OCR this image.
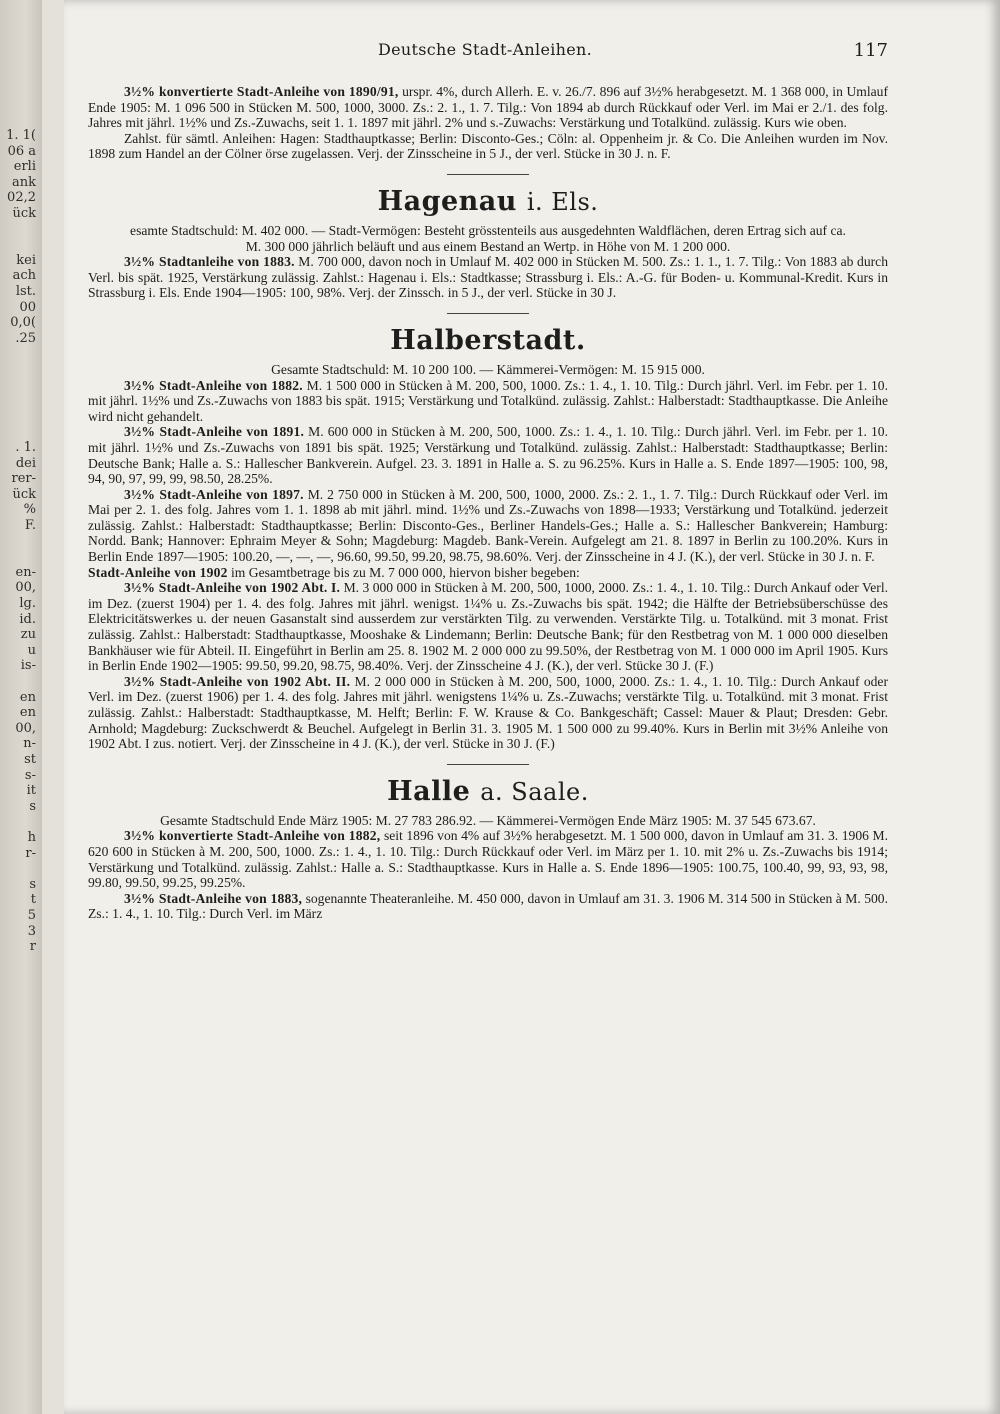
1. 1(
06 a
erli
ank
02,2
ück
kei
ach
lst.
00
0,0(
.25
. 1.
dei
rer-
ück
%
F.
en-
00,
lg.
id.
zu
u
is-
en
en
00,
n-
st
s-
it
s
h
r-
s
t
5
3
r
Deutsche Stadt-Anleihen.	117

3½% konvertierte Stadt-Anleihe von 1890/91, urspr. 4%, durch Allerh. E. v. 26./7. 896 auf 3½% herabgesetzt. M. 1 368 000, in Umlauf Ende 1905: M. 1 096 500 in Stücken M. 500, 1000, 3000. Zs.: 2. 1., 1. 7. Tilg.: Von 1894 ab durch Rückkauf oder Verl. im Mai er 2./1. des folg. Jahres mit jährl. 1½% und Zs.-Zuwachs, seit 1. 1. 1897 mit jährl. 2% und s.-Zuwachs: Verstärkung und Totalkünd. zulässig. Kurs wie oben.

Zahlst. für sämtl. Anleihen: Hagen: Stadthauptkasse; Berlin: Disconto-Ges.; Cöln: al. Oppenheim jr. & Co. Die Anleihen wurden im Nov. 1898 zum Handel an der Cölner örse zugelassen. Verj. der Zinsscheine in 5 J., der verl. Stücke in 30 J. n. F.

Hagenau i. Els.

esamte Stadtschuld: M. 402 000. — Stadt-Vermögen: Besteht grösstenteils aus ausgedehnten Waldflächen, deren Ertrag sich auf ca. M. 300 000 jährlich beläuft und aus einem Bestand an Wertp. in Höhe von M. 1 200 000.

3½% Stadtanleihe von 1883. M. 700 000, davon noch in Umlauf M. 402 000 in Stücken M. 500. Zs.: 1. 1., 1. 7. Tilg.: Von 1883 ab durch Verl. bis spät. 1925, Verstärkung zulässig. Zahlst.: Hagenau i. Els.: Stadtkasse; Strassburg i. Els.: A.-G. für Boden- u. Kommunal-Kredit. Kurs in Strassburg i. Els. Ende 1904—1905: 100, 98%. Verj. der Zinssch. in 5 J., der verl. Stücke in 30 J.

Halberstadt.

Gesamte Stadtschuld: M. 10 200 100. — Kämmerei-Vermögen: M. 15 915 000.

3½% Stadt-Anleihe von 1882. M. 1 500 000 in Stücken à M. 200, 500, 1000. Zs.: 1. 4., 1. 10. Tilg.: Durch jährl. Verl. im Febr. per 1. 10. mit jährl. 1½% und Zs.-Zuwachs von 1883 bis spät. 1915; Verstärkung und Totalkünd. zulässig. Zahlst.: Halberstadt: Stadthauptkasse. Die Anleihe wird nicht gehandelt.

3½% Stadt-Anleihe von 1891. M. 600 000 in Stücken à M. 200, 500, 1000. Zs.: 1. 4., 1. 10. Tilg.: Durch jährl. Verl. im Febr. per 1. 10. mit jährl. 1½% und Zs.-Zuwachs von 1891 bis spät. 1925; Verstärkung und Totalkünd. zulässig. Zahlst.: Halberstadt: Stadthauptkasse; Berlin: Deutsche Bank; Halle a. S.: Hallescher Bankverein. Aufgel. 23. 3. 1891 in Halle a. S. zu 96.25%. Kurs in Halle a. S. Ende 1897—1905: 100, 98, 94, 90, 97, 99, 99, 98.50, 28.25%.

3½% Stadt-Anleihe von 1897. M. 2 750 000 in Stücken à M. 200, 500, 1000, 2000. Zs.: 2. 1., 1. 7. Tilg.: Durch Rückkauf oder Verl. im Mai per 2. 1. des folg. Jahres vom 1. 1. 1898 ab mit jährl. mind. 1½% und Zs.-Zuwachs von 1898—1933; Verstärkung und Totalkünd. jederzeit zulässig. Zahlst.: Halberstadt: Stadthauptkasse; Berlin: Disconto-Ges., Berliner Handels-Ges.; Halle a. S.: Hallescher Bankverein; Hamburg: Nordd. Bank; Hannover: Ephraim Meyer & Sohn; Magdeburg: Magdeb. Bank-Verein. Aufgelegt am 21. 8. 1897 in Berlin zu 100.20%. Kurs in Berlin Ende 1897—1905: 100.20, —, —, —, 96.60, 99.50, 99.20, 98.75, 98.60%. Verj. der Zinsscheine in 4 J. (K.), der verl. Stücke in 30 J. n. F.

Stadt-Anleihe von 1902 im Gesamtbetrage bis zu M. 7 000 000, hiervon bisher begeben:

3½% Stadt-Anleihe von 1902 Abt. I. M. 3 000 000 in Stücken à M. 200, 500, 1000, 2000. Zs.: 1. 4., 1. 10. Tilg.: Durch Ankauf oder Verl. im Dez. (zuerst 1904) per 1. 4. des folg. Jahres mit jährl. wenigst. 1¼% u. Zs.-Zuwachs bis spät. 1942; die Hälfte der Betriebsüberschüsse des Elektricitätswerkes u. der neuen Gasanstalt sind ausserdem zur verstärkten Tilg. zu verwenden. Verstärkte Tilg. u. Totalkünd. mit 3 monat. Frist zulässig. Zahlst.: Halberstadt: Stadthauptkasse, Mooshake & Lindemann; Berlin: Deutsche Bank; für den Restbetrag von M. 1 000 000 dieselben Bankhäuser wie für Abteil. II. Eingeführt in Berlin am 25. 8. 1902 M. 2 000 000 zu 99.50%, der Restbetrag von M. 1 000 000 im April 1905. Kurs in Berlin Ende 1902—1905: 99.50, 99.20, 98.75, 98.40%. Verj. der Zinsscheine 4 J. (K.), der verl. Stücke 30 J. (F.)

3½% Stadt-Anleihe von 1902 Abt. II. M. 2 000 000 in Stücken à M. 200, 500, 1000, 2000. Zs.: 1. 4., 1. 10. Tilg.: Durch Ankauf oder Verl. im Dez. (zuerst 1906) per 1. 4. des folg. Jahres mit jährl. wenigstens 1¼% u. Zs.-Zuwachs; verstärkte Tilg. u. Totalkünd. mit 3 monat. Frist zulässig. Zahlst.: Halberstadt: Stadthauptkasse, M. Helft; Berlin: F. W. Krause & Co. Bankgeschäft; Cassel: Mauer & Plaut; Dresden: Gebr. Arnhold; Magdeburg: Zuckschwerdt & Beuchel. Aufgelegt in Berlin 31. 3. 1905 M. 1 500 000 zu 99.40%. Kurs in Berlin mit 3½% Anleihe von 1902 Abt. I zus. notiert. Verj. der Zinsscheine in 4 J. (K.), der verl. Stücke in 30 J. (F.)

Halle a. Saale.

Gesamte Stadtschuld Ende März 1905: M. 27 783 286.92. — Kämmerei-Vermögen Ende März 1905: M. 37 545 673.67.

3½% konvertierte Stadt-Anleihe von 1882, seit 1896 von 4% auf 3½% herabgesetzt. M. 1 500 000, davon in Umlauf am 31. 3. 1906 M. 620 600 in Stücken à M. 200, 500, 1000. Zs.: 1. 4., 1. 10. Tilg.: Durch Rückkauf oder Verl. im März per 1. 10. mit 2% u. Zs.-Zuwachs bis 1914; Verstärkung und Totalkünd. zulässig. Zahlst.: Halle a. S.: Stadthauptkasse. Kurs in Halle a. S. Ende 1896—1905: 100.75, 100.40, 99, 93, 93, 98, 99.80, 99.50, 99.25, 99.25%.

3½% Stadt-Anleihe von 1883, sogenannte Theateranleihe. M. 450 000, davon in Umlauf am 31. 3. 1906 M. 314 500 in Stücken à M. 500. Zs.: 1. 4., 1. 10. Tilg.: Durch Verl. im März
